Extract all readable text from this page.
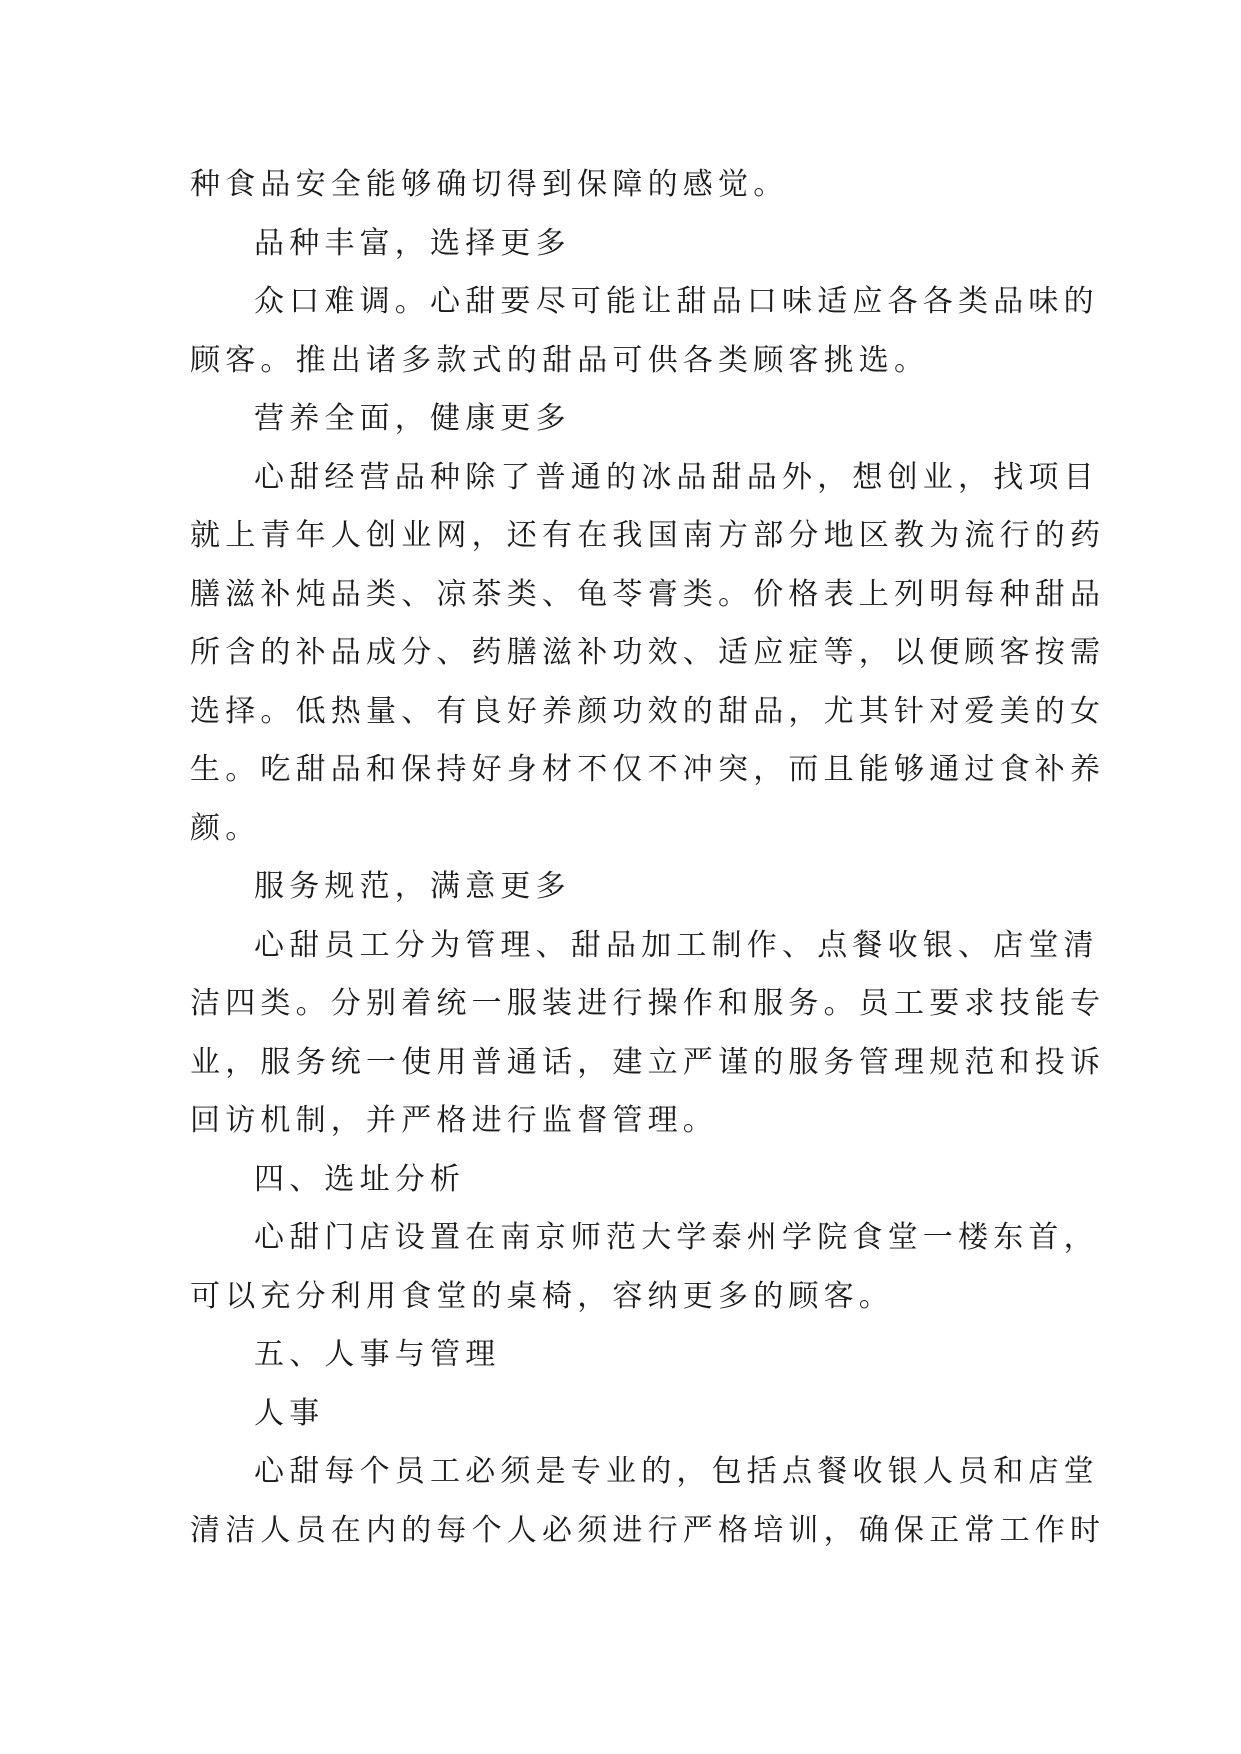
种食品安全能够确切得到保障的感觉。
品种丰富，选择更多
众口难调。心甜要尽可能让甜品口味适应各各类品味的
顾客。推出诸多款式的甜品可供各类顾客挑选。
营养全面，健康更多
心甜经营品种除了普通的冰品甜品外，想创业，找项目
就上青年人创业网，还有在我国南方部分地区教为流行的药
膳滋补炖品类、凉茶类、龟苓膏类。价格表上列明每种甜品
所含的补品成分、药膳滋补功效、适应症等，以便顾客按需
选择。低热量、有良好养颜功效的甜品，尤其针对爱美的女
生。吃甜品和保持好身材不仅不冲突，而且能够通过食补养
颜。
服务规范，满意更多
心甜员工分为管理、甜品加工制作、点餐收银、店堂清
洁四类。分别着统一服装进行操作和服务。员工要求技能专
业，服务统一使用普通话，建立严谨的服务管理规范和投诉
回访机制，并严格进行监督管理。
四、选址分析
心甜门店设置在南京师范大学泰州学院食堂一楼东首，
可以充分利用食堂的桌椅，容纳更多的顾客。
五、人事与管理
人事
心甜每个员工必须是专业的，包括点餐收银人员和店堂
清洁人员在内的每个人必须进行严格培训，确保正常工作时
